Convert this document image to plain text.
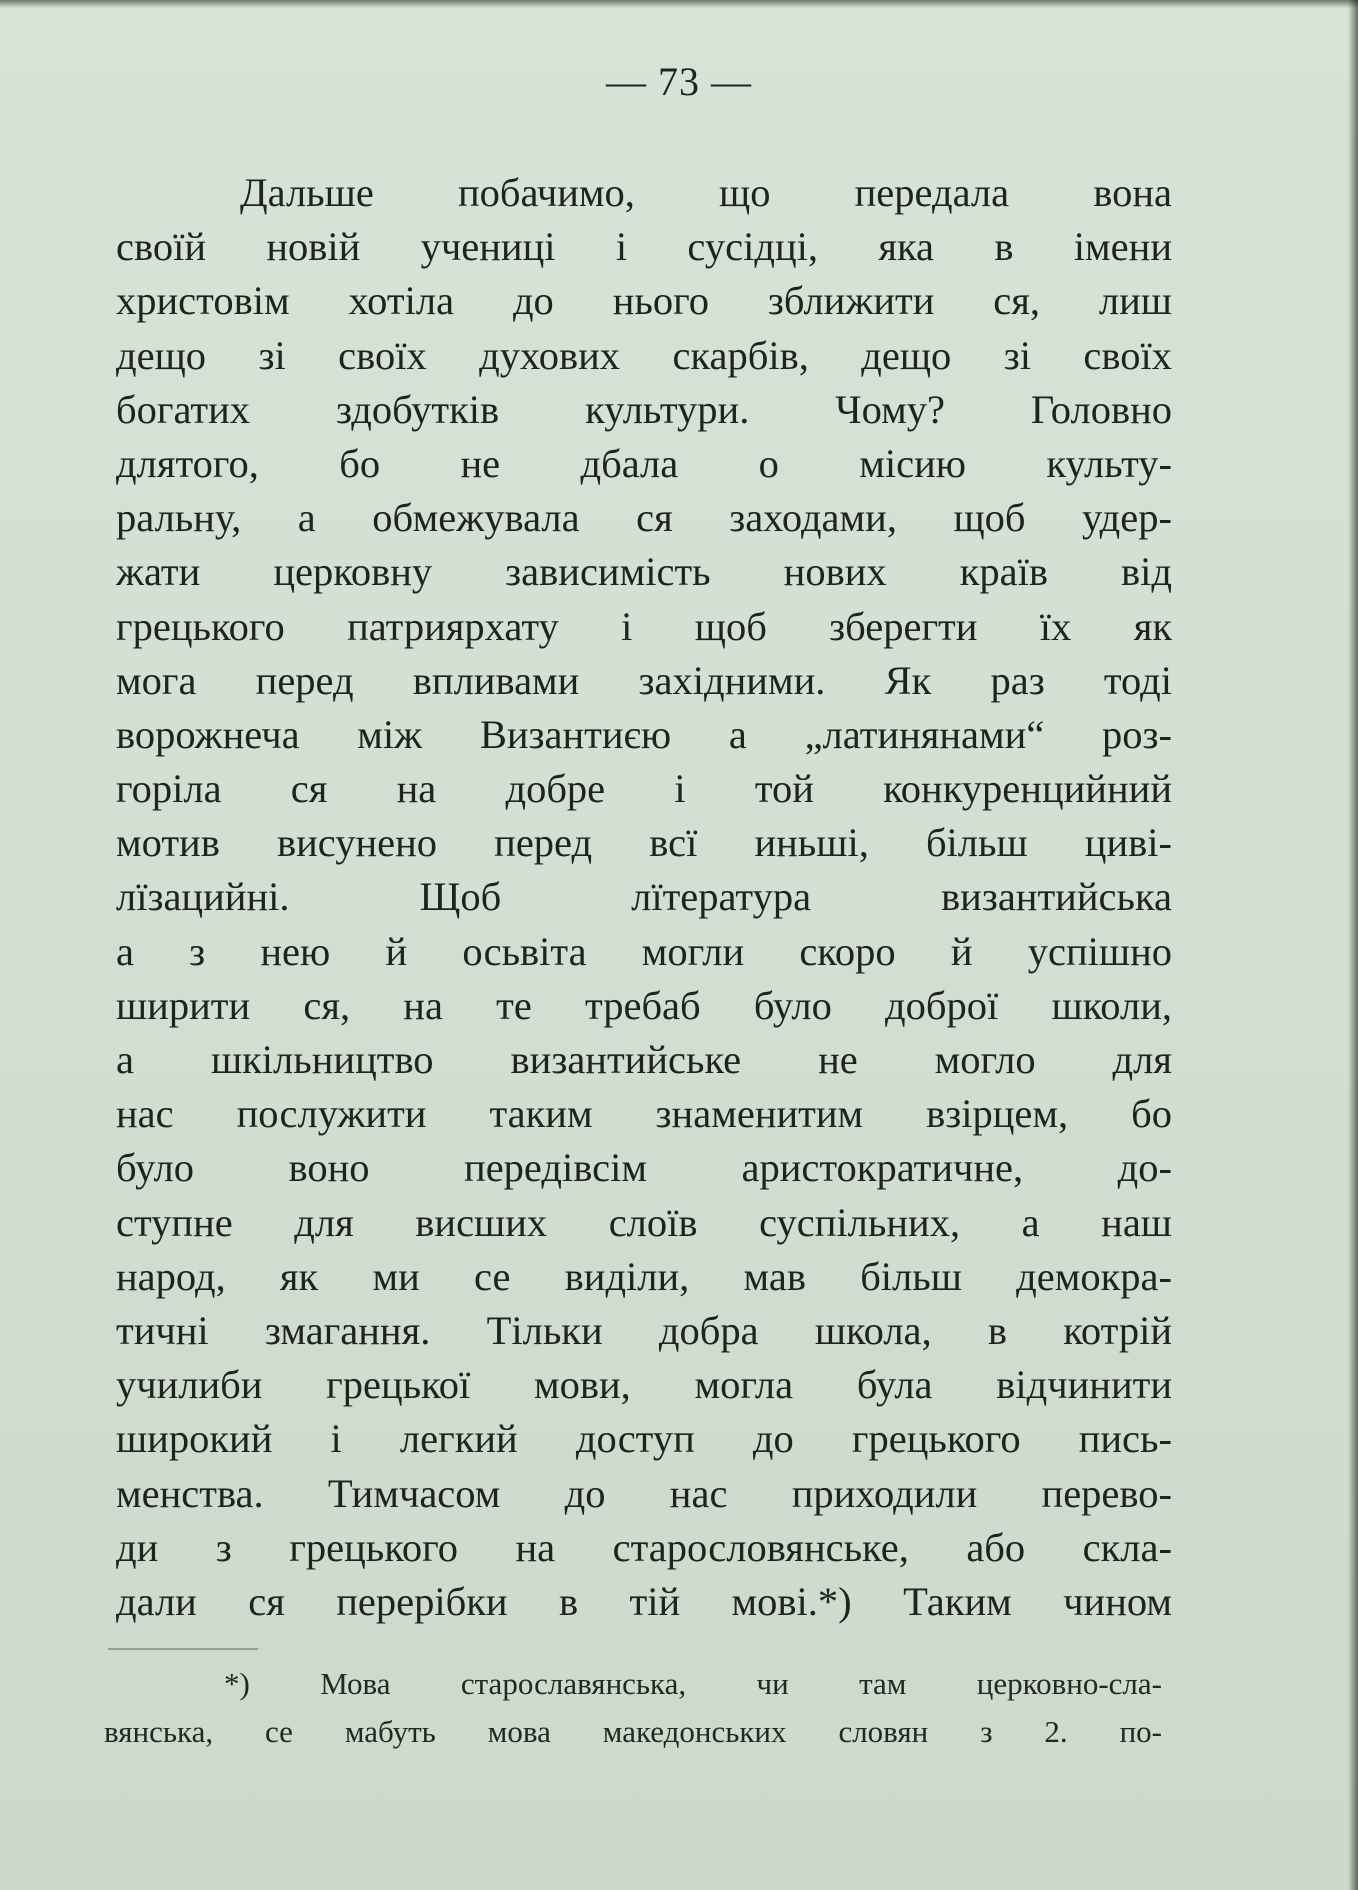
— 73 —
Дальше побачимо, що передала вона
своїй новій учениці і сусідці, яка в імени
христовім хотіла до нього зближити ся, лиш
дещо зі своїх духових скарбів, дещо зі своїх
богатих здобутків культури. Чому? Головно
длятого, бо не дбала о місию культу-
ральну, а обмежувала ся заходами, щоб удер-
жати церковну зависимість нових країв від
грецького патриярхату і щоб зберегти їх як
мога перед впливами західними. Як раз тоді
ворожнеча між Византиєю а „латинянами“ роз-
горіла ся на добре і той конкуренцийний
мотив висунено перед всї иньші, більш циві-
лїзацийні. Щоб лїтература византийська
а з нею й осьвіта могли скоро й успішно
ширити ся, на те требаб було доброї школи,
а шкільництво византийське не могло для
нас послужити таким знаменитим взірцем, бо
було воно передівсім аристократичне, до-
ступне для висших слоїв суспільних, а наш
народ, як ми се виділи, мав більш демокра-
тичні змагання. Тільки добра школа, в котрій
училиби грецької мови, могла була відчинити
широкий і легкий доступ до грецького пись-
менства. Тимчасом до нас приходили перево-
ди з грецького на старословянське, або скла-
дали ся перерібки в тій мові.*) Таким чином
*) Мова старославянська, чи там церковно-сла-
вянська, се мабуть мова македонських словян з 2. по-
